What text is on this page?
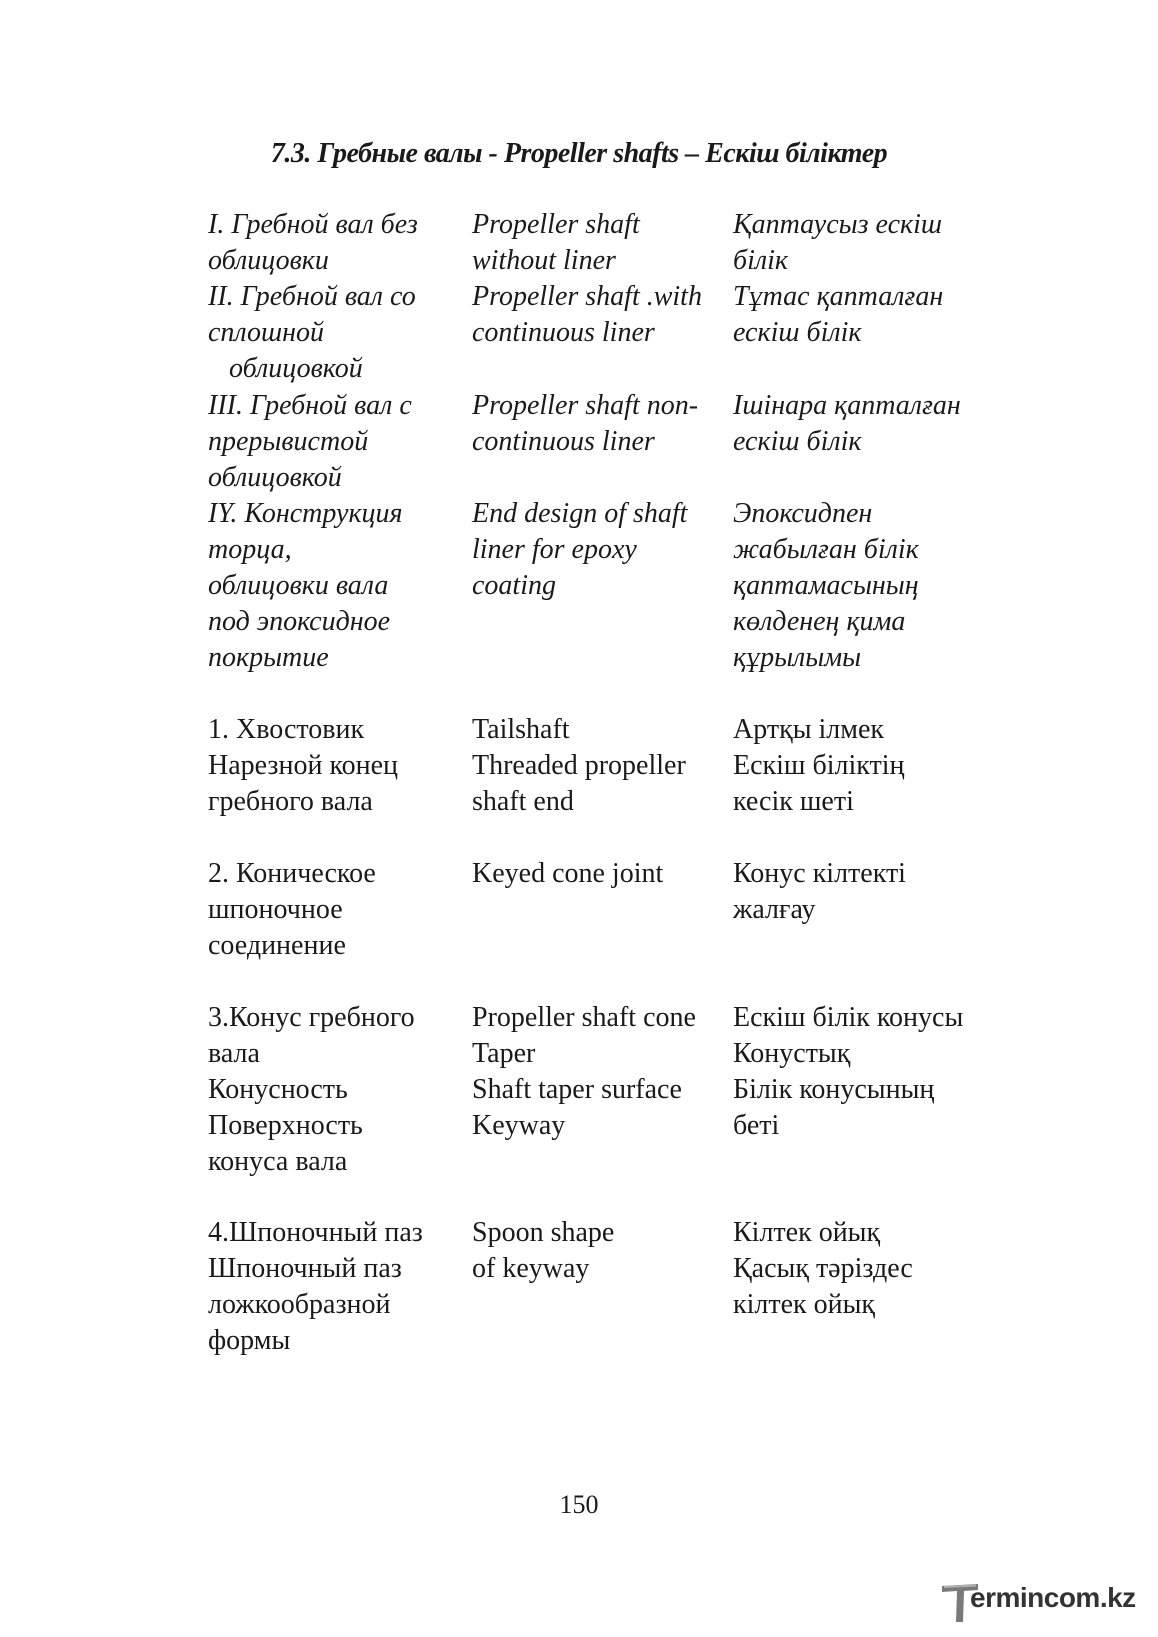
7.3. Гребные валы - Propeller shafts – Ескіш біліктер
I. Гребной вал без
облицовки
Propeller shaft
without liner
Қаптаусыз ескіш
білік
II. Гребной вал со
сплошной
облицовкой
Propeller shaft .with
continuous liner
Тұтас қапталған
ескіш білік
III. Гребной вал с
прерывистой
облицовкой
Propeller shaft non-
continuous liner
Ішінара қапталған
ескіш білік
IY. Конструкция
торца,
облицовки вала
под эпоксидное
покрытие
End design of shaft
liner for epoxy
coating
Эпоксидпен
жабылған білік
қаптамасының
көлденең қима
құрылымы
1. Хвостовик
Нарезной конец
гребного вала
Tailshaft
Threaded propeller
shaft end
Артқы ілмек
Ескіш біліктің
кесік шеті
2. Коническое
шпоночное
соединение
Keyed cone joint Конус кілтекті
жалғау
3.Конус гребного
вала
Конусность
Поверхность
конуса вала
Propeller shaft cone
Taper
Shaft taper surface
Keyway
Ескіш білік конусы
Конустық
Білік конусының
беті
4.Шпоночный паз
Шпоночный паз
ложкообразной
формы
Spoon shape
of keyway
Кілтек ойық
Қасық тәріздес
кілтек ойық
150
ermincom.kz
